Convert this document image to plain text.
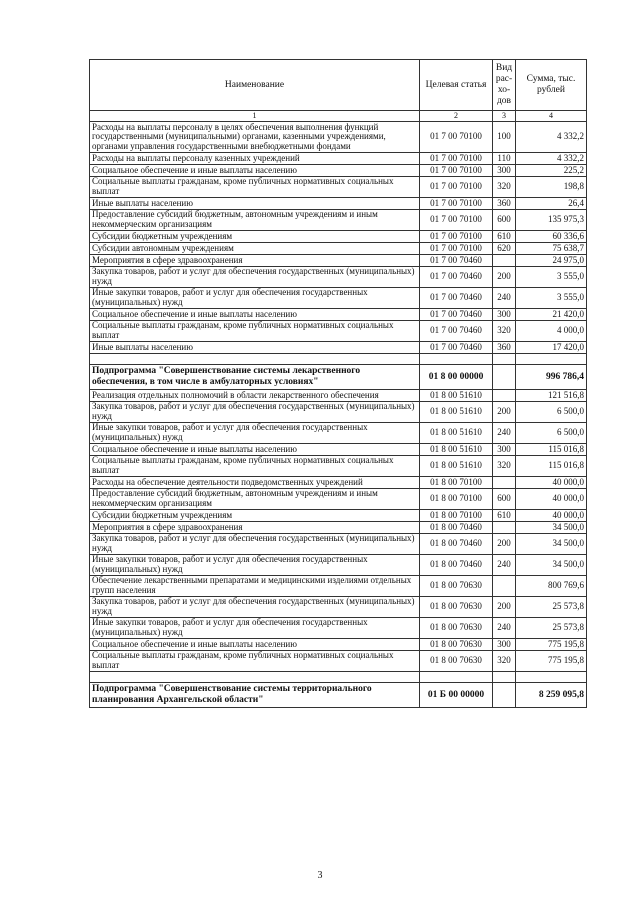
Наименование	Целевая статья	Вид рас-хо-дов	Сумма, тыс. рублей
1	2	3	4
Расходы на выплаты персоналу в целях обеспечения выполнения функций государственными (муниципальными) органами, казенными учреждениями, органами управления государственными внебюджетными фондами	01 7 00 70100	100	4 332,2
Расходы на выплаты персоналу казенных учреждений	01 7 00 70100	110	4 332,2
Социальное обеспечение и иные выплаты населению	01 7 00 70100	300	225,2
Социальные выплаты гражданам, кроме публичных нормативных социальных выплат	01 7 00 70100	320	198,8
Иные выплаты населению	01 7 00 70100	360	26,4
Предоставление субсидий бюджетным, автономным учреждениям и иным некоммерческим организациям	01 7 00 70100	600	135 975,3
Субсидии бюджетным учреждениям	01 7 00 70100	610	60 336,6
Субсидии автономным учреждениям	01 7 00 70100	620	75 638,7
Мероприятия в сфере здравоохранения	01 7 00 70460		24 975,0
Закупка товаров, работ и услуг для обеспечения государственных (муниципальных) нужд	01 7 00 70460	200	3 555,0
Иные закупки товаров, работ и услуг для обеспечения государственных (муниципальных) нужд	01 7 00 70460	240	3 555,0
Социальное обеспечение и иные выплаты населению	01 7 00 70460	300	21 420,0
Социальные выплаты гражданам, кроме публичных нормативных социальных выплат	01 7 00 70460	320	4 000,0
Иные выплаты населению	01 7 00 70460	360	17 420,0

Подпрограмма "Совершенствование системы лекарственного обеспечения, в том числе в амбулаторных условиях"	01 8 00 00000		996 786,4
Реализация отдельных полномочий в области лекарственного обеспечения	01 8 00 51610		121 516,8
Закупка товаров, работ и услуг для обеспечения государственных (муниципальных) нужд	01 8 00 51610	200	6 500,0
Иные закупки товаров, работ и услуг для обеспечения государственных (муниципальных) нужд	01 8 00 51610	240	6 500,0
Социальное обеспечение и иные выплаты населению	01 8 00 51610	300	115 016,8
Социальные выплаты гражданам, кроме публичных нормативных социальных выплат	01 8 00 51610	320	115 016,8
Расходы на обеспечение деятельности подведомственных учреждений	01 8 00 70100		40 000,0
Предоставление субсидий бюджетным, автономным учреждениям и иным некоммерческим организациям	01 8 00 70100	600	40 000,0
Субсидии бюджетным учреждениям	01 8 00 70100	610	40 000,0
Мероприятия в сфере здравоохранения	01 8 00 70460		34 500,0
Закупка товаров, работ и услуг для обеспечения государственных (муниципальных) нужд	01 8 00 70460	200	34 500,0
Иные закупки товаров, работ и услуг для обеспечения государственных (муниципальных) нужд	01 8 00 70460	240	34 500,0
Обеспечение лекарственными препаратами и медицинскими изделиями отдельных групп населения	01 8 00 70630		800 769,6
Закупка товаров, работ и услуг для обеспечения государственных (муниципальных) нужд	01 8 00 70630	200	25 573,8
Иные закупки товаров, работ и услуг для обеспечения государственных (муниципальных) нужд	01 8 00 70630	240	25 573,8
Социальное обеспечение и иные выплаты населению	01 8 00 70630	300	775 195,8
Социальные выплаты гражданам, кроме публичных нормативных социальных выплат	01 8 00 70630	320	775 195,8

Подпрограмма "Совершенствование системы территориального планирования Архангельской области"	01 Б 00 00000		8 259 095,8
3
